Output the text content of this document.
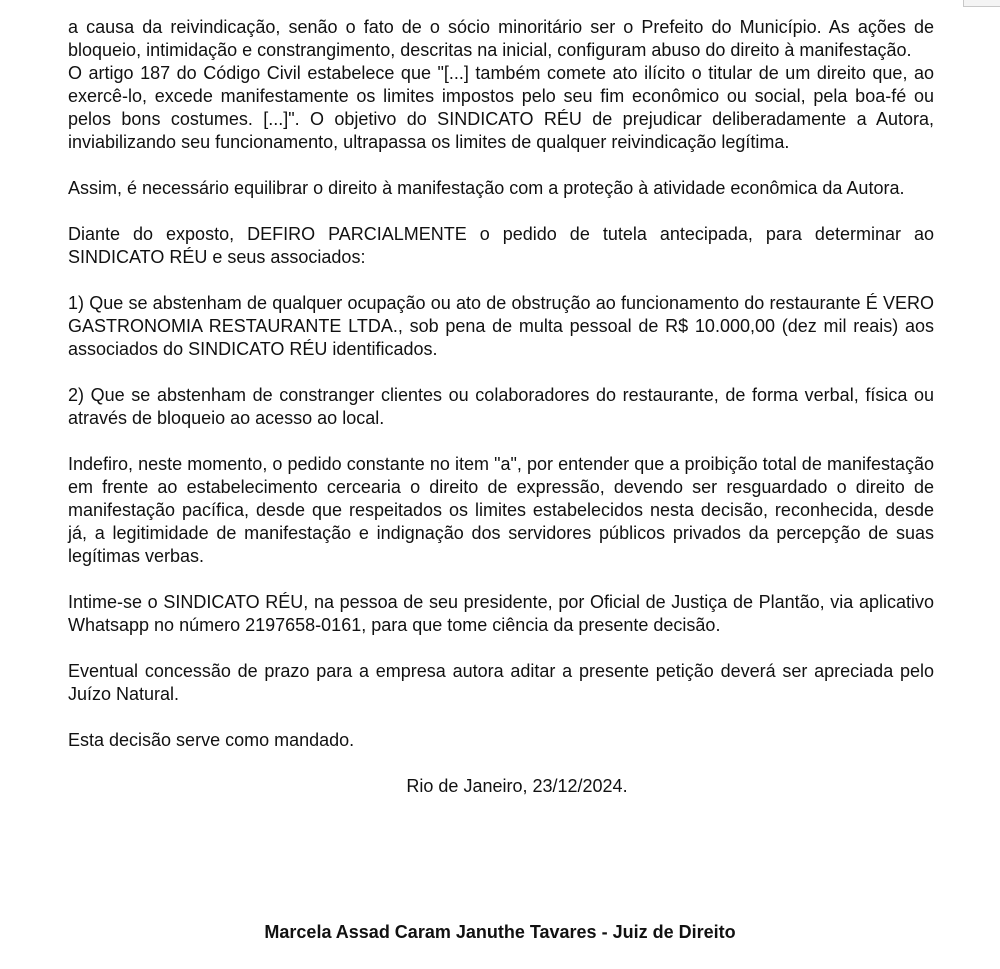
a causa da reivindicação, senão o fato de o sócio minoritário ser o Prefeito do Município. As ações de bloqueio, intimidação e constrangimento, descritas na inicial, configuram abuso do direito à manifestação.

O artigo 187 do Código Civil estabelece que "[...] também comete ato ilícito o titular de um direito que, ao exercê-lo, excede manifestamente os limites impostos pelo seu fim econômico ou social, pela boa-fé ou pelos bons costumes. [...]". O objetivo do SINDICATO RÉU de prejudicar deliberadamente a Autora, inviabilizando seu funcionamento, ultrapassa os limites de qualquer reivindicação legítima.

Assim, é necessário equilibrar o direito à manifestação com a proteção à atividade econômica da Autora.

Diante do exposto, DEFIRO PARCIALMENTE o pedido de tutela antecipada, para determinar ao SINDICATO RÉU e seus associados:

1) Que se abstenham de qualquer ocupação ou ato de obstrução ao funcionamento do restaurante É VERO GASTRONOMIA RESTAURANTE LTDA., sob pena de multa pessoal de R$ 10.000,00 (dez mil reais) aos associados do SINDICATO RÉU identificados.

2) Que se abstenham de constranger clientes ou colaboradores do restaurante, de forma verbal, física ou através de bloqueio ao acesso ao local.

Indefiro, neste momento, o pedido constante no item "a", por entender que a proibição total de manifestação em frente ao estabelecimento cercearia o direito de expressão, devendo ser resguardado o direito de manifestação pacífica, desde que respeitados os limites estabelecidos nesta decisão, reconhecida, desde já, a legitimidade de manifestação e indignação dos servidores públicos privados da percepção de suas legítimas verbas.

Intime-se o SINDICATO RÉU, na pessoa de seu presidente, por Oficial de Justiça de Plantão, via aplicativo Whatsapp no número 2197658-0161, para que tome ciência da presente decisão.

Eventual concessão de prazo para a empresa autora aditar a presente petição deverá ser apreciada pelo Juízo Natural.

Esta decisão serve como mandado.

Rio de Janeiro, 23/12/2024.

Marcela Assad Caram Januthe Tavares - Juiz de Direito
